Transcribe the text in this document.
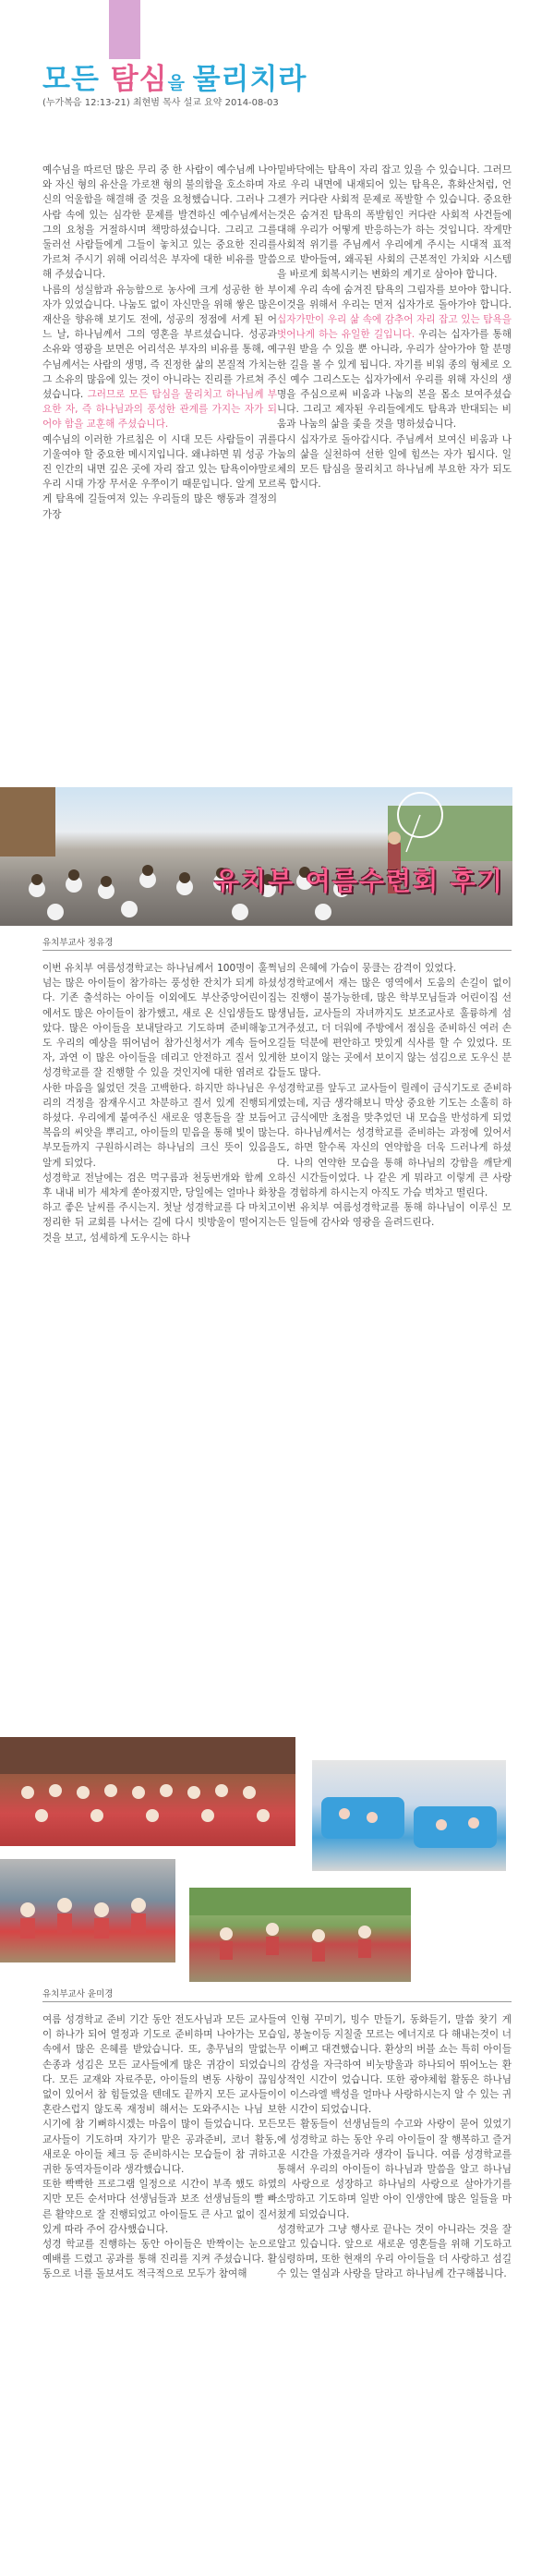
모든 탐심을 물리치라
(누가복음 12:13-21) 최현범 목사 설교 요약 2014-08-03

예수님을 따르던 많은 무리 중 한 사람이 예수님께 나아와 자신 형의 유산을 가로챈 형의 불의함을 호소하며 자신의 억울함을 해결해 줄 것을 요청했습니다. 그러나 그 사람 속에 있는 심각한 문제를 발견하신 예수님께서는 그의 요청을 거절하시며 책망하셨습니다. 그리고 그를 둘러선 사람들에게 그들이 놓치고 있는 중요한 진리를 가르쳐 주시기 위해 어리석은 부자에 대한 비유를 말씀해 주셨습니다.

나름의 성실함과 유능함으로 농사에 크게 성공한 한 부자가 있었습니다. 나눔도 없이 자신만을 위해 쌓은 많은 재산을 향유해 보기도 전에, 성공의 정점에 서게 된 어느 날, 하나님께서 그의 영혼을 부르셨습니다. 성공과 소유와 영광을 보면은 어리석은 부자의 비유를 통해, 예수님께서는 사람의 생명, 즉 진정한 삶의 본질적 가치는 그 소유의 많음에 있는 것이 아니라는 진리를 가르쳐 주셨습니다. 그러므로 모든 탐심을 물리치고 하나님께 부요한 자, 즉 하나님과의 풍성한 관계를 가지는 자가 되어야 함을 교훈해 주셨습니다.

예수님의 이러한 가르침은 이 시대 모든 사람들이 귀를 기울여야 할 중요한 메시지입니다. 왜냐하면 뭐 성공 가진 인간의 내면 깊은 곳에 자리 잡고 있는 탐욕이야말로 우리 시대 가장 무서운 우쭈이기 때문입니다. 알게 모르게 탐욕에 길들여져 있는 우리들의 많은 행동과 결정의 가장

밑바닥에는 탐욕이 자리 잡고 있을 수 있습니다. 그러므로 우리 내면에 내재되어 있는 탐욕은, 휴화산처럼, 언젠가 커다란 사회적 문제로 폭발할 수 있습니다. 중요한 것은 숨겨진 탐욕의 폭발힘인 커다란 사회적 사건들에 대해 우리가 어떻게 반응하는가 하는 것입니다. 작게만 사회적 위기를 주님께서 우리에게 주시는 시대적 표적으로 받아들여, 왜곡된 사회의 근본적인 가치와 시스템을 바로게 회복시키는 변화의 계기로 삼아야 합니다.

이제 우리 속에 숨겨진 탐욕의 그림자를 보아야 합니다. 이것을 위해서 우리는 먼저 십자가로 돌아가야 합니다. 십자가만이 우리 삶 속에 감추어 자리 잡고 있는 탐욕을 벗어나게 하는 유일한 길입니다. 우리는 십자가를 통해 구원 받을 수 있을 뿐 아니라, 우리가 살아가야 할 분명한 길을 볼 수 있게 됩니다. 자기를 비워 종의 형체로 오신 예수 그리스도는 십자가에서 우리를 위해 자신의 생명을 주심으로써 비움과 나눔의 본을 몸소 보여주셨습니다. 그리고 제자된 우리들에게도 탐욕과 반대되는 비움과 나눔의 삶을 좇을 것을 명하셨습니다.

다시 십자가로 돌아갑시다. 주님께서 보여신 비움과 나눔의 삶을 실천하여 선한 일에 힘쓰는 자가 됩시다. 일체의 모든 탐심을 물리치고 하나님께 부요한 자가 되도록 합시다.

유치부 여름수련회 후기
유치부교사 정유경
이번 유치부 여름성경학교는 하나님께서 100명이 훌쩍 넘는 많은 아이들이 참가하는 풍성한 잔치가 되게 하셨다. 기존 출석하는 아이들 이외에도 부산중앙어린이집에서도 많은 아이들이 참가했고, 새로 온 신입생들도 많았다. 많은 아이들을 보내달라고 기도하며 준비해놓고도 우리의 예상을 뛰어넘어 참가신청서가 계속 들어오자, 과연 이 많은 아이들을 데리고 안전하고 질서 있게 성경학교를 잘 진행할 수 있을 것인지에 대한 염려로 갑사한 마음을 잃었던 것을 고백한다. 하지만 하나님은 우리의 걱정을 잠재우시고 차분하고 질서 있게 진행되게 하셨다. 우리에게 붙여주신 새로운 영혼들을 잘 보듬어 복음의 씨앗을 뿌리고, 아이들의 믿음을 통해 빛이 많는 부모들까지 구원하시려는 하나님의 크신 뜻이 있음을 알게 되었다.
성경학교 전날에는 검은 먹구름과 천둥번개와 함께 오후 내내 비가 세차게 쏟아졌지만, 당일에는 얼마나 화창하고 좋은 날씨를 주시는지. 첫날 성경학교를 다 마치고 정리한 뒤 교회를 나서는 길에 다시 빗방울이 떨어지는 것을 보고, 섬세하게 도우시는 하나
님의 은혜에 가슴이 뭉클는 감격이 있었다.
성경학교에서 재는 많은 영역에서 도움의 손길이 없이는 진행이 불가능한데, 많은 학부모님들과 어린이집 선생님들, 교사들의 자녀까지도 보조교사로 훌륭하게 섬겨주셨고, 더 더워에 주방에서 점심을 준비하신 여러 손길들 덕분에 편안하고 맛있게 식사를 할 수 있었다. 또한 보이지 않는 곳에서 보이지 않는 섬김으로 도우신 분들도 많다.
성경학교를 앞두고 교사들이 릴레이 금식기도로 준비하였는데, 지금 생각해보니 막상 중요한 기도는 소홀히 하고 금식에만 초점을 맞추었던 내 모습을 반성하게 되었다. 하나님께서는 성경학교를 준비하는 과정에 있어서도, 하면 할수록 자신의 연약함을 더욱 드러나게 하셨다. 나의 연약한 모습을 통해 하나님의 강함을 깨닫게 하신 시간들이었다. 나 같은 게 뭐라고 이렇게 큰 사랑을 경험하게 하시는지 아직도 가슴 벅차고 떨린다.
이번 유치부 여름성경학교를 통해 하나님이 이루신 모든 일들에 감사와 영광을 올려드린다.
유치부교사 윤미경
여름 성경학교 준비 기간 동안 전도사님과 모든 교사들이 하나가 되어 열정과 기도로 준비하며 나아가는 모습속에서 많은 은혜를 받았습니다. 또, 총무님의 말없는 손종과 성김은 모든 교사들에게 많은 귀감이 되었습니다. 모든 교재와 자료주문, 아이들의 변동 사항이 끊임없이 있어서 참 힘들었을 텐데도 끝까지 모든 교사들이 혼란스럽지 않도록 재정비 해서는 도와주시는 나님 보시기에 참 기뻐하시겠는 마음이 많이 들었습니다. 모든 교사들이 기도하며 자기가 맡은 공과준비, 코너 활동, 새로운 아이들 체크 등 준비하시는 모습들이 참 귀하고 귀한 동역자들이라 생각했습니다.
또한 빡빡한 프로그램 일정으로 시간이 부족 했도 하였지만 모든 순서마다 선생님들과 보조 선생님들의 빨 빠른 활약으로 잘 진행되었고 아이들도 큰 사고 없이 질서 있게 따라 주어 감사했습니다.
성경 학교를 진행하는 동안 아이들은 반짝이는 눈으로 예배를 드렸고 공과를 통해 진리를 지켜 주셨습니다. 활동으로 너를 돌보셔도 적극적으로 모두가 참여해
여 인형 꾸미기, 빙수 만들기, 동화듣기, 말씀 찾기 게임, 봉놀이등 지칠줄 모르는 에너지로 다 해내는것이 너무 이뻐고 대견했습니다. 환상의 버블 쇼는 특히 아이들의 감성을 자극하여 비눗방울과 하나되어 뛰어노는 환상적인 시간이 었습니다. 또한 광야체험 활동은 하나님이 이스라엘 백성을 얼마나 사랑하시는지 알 수 있는 귀한 시간이 되었습니다.
모든 활동들이 선생님들의 수고와 사랑이 묻어 있었기에 성경학교 하는 동안 우리 아이들이 잘 행복하고 즐거운 시간을 가졌을거라 생각이 듭니다. 여름 성경학교를 통해서 우리의 아이들이 하나님과 말씀을 알고 하나님의 사랑으로 성장하고 하나님의 사랑으로 살아가기를 소망하고 기도하며 일반 아이 인생안에 많은 일들을 마쳤게 되었습니다.
성경학교가 그냥 행사로 끝나는 것이 아니라는 것을 잘 알고 있습니다. 앞으로 새로운 영혼들을 위해 기도하고 심령하며, 또한 현재의 우리 아이들을 더 사랑하고 섬길 수 있는 열심과 사랑을 달라고 하나님께 간구해봅니다.
